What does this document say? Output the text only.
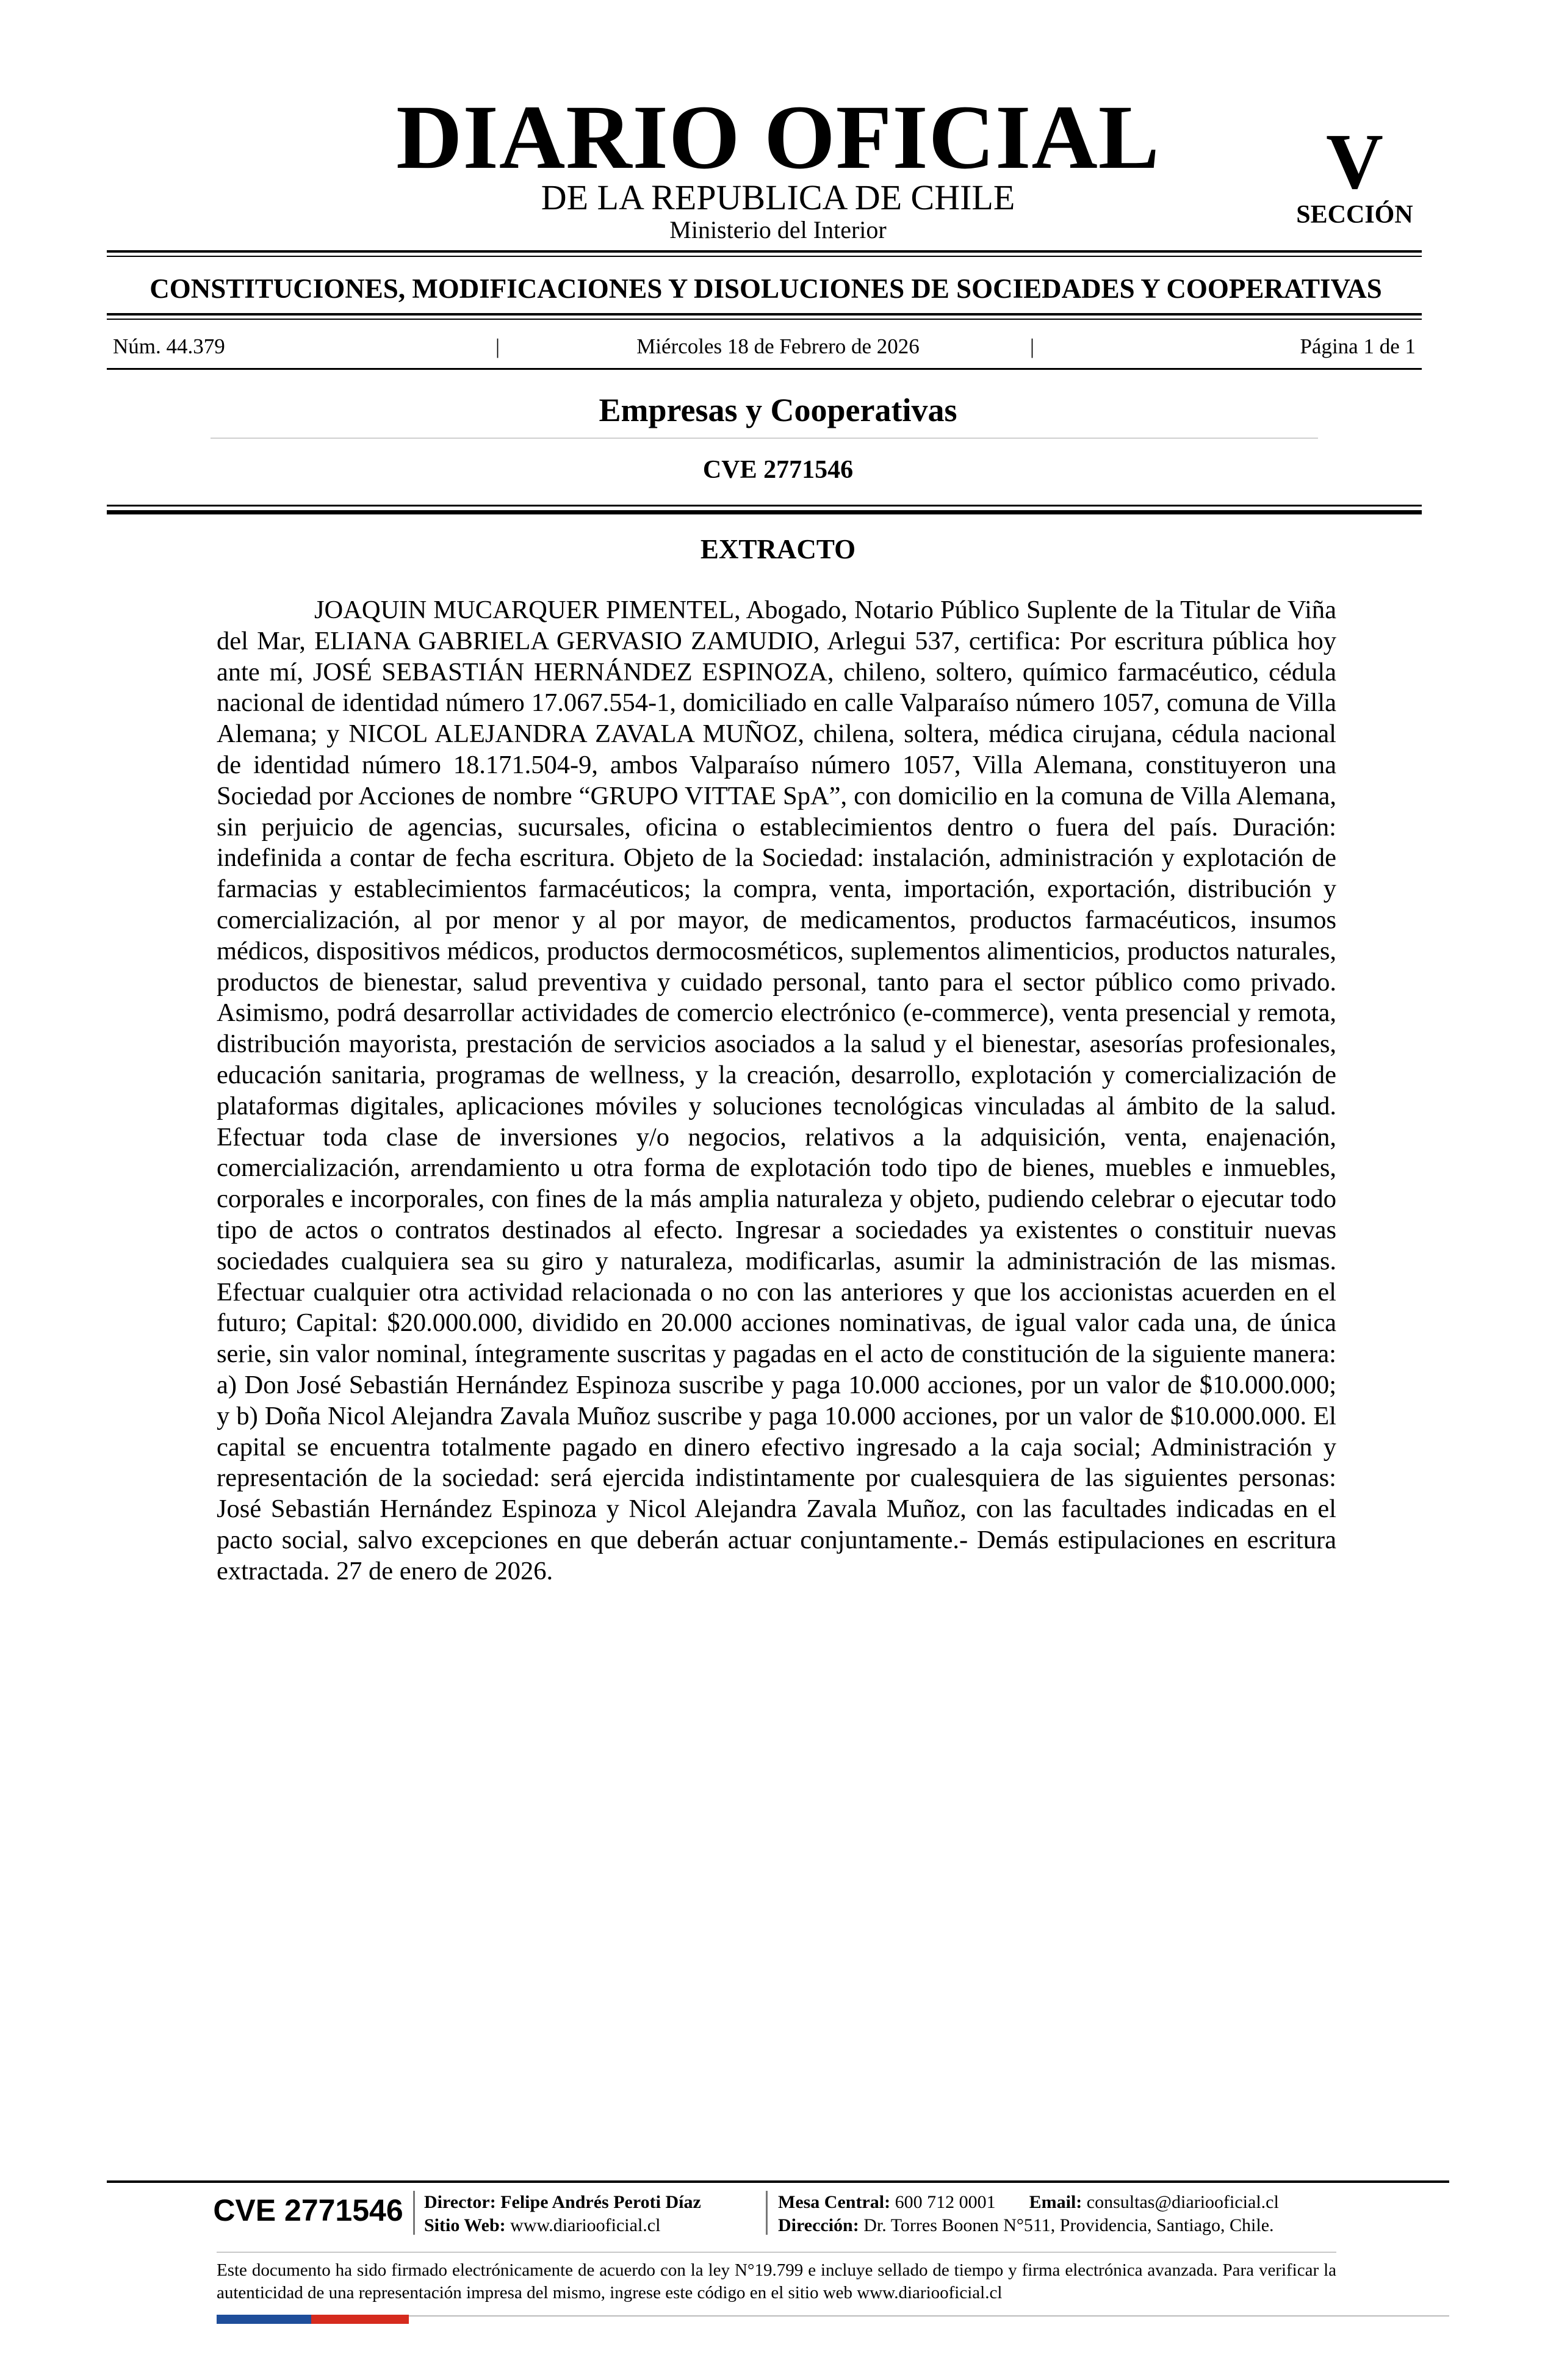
DIARIO OFICIAL
DE LA REPUBLICA DE CHILE
Ministerio del Interior
V
SECCIÓN
CONSTITUCIONES, MODIFICACIONES Y DISOLUCIONES DE SOCIEDADES Y COOPERATIVAS
Núm. 44.379	|	Miércoles 18 de Febrero de 2026	|	Página 1 de 1
Empresas y Cooperativas
CVE 2771546
EXTRACTO
JOAQUIN MUCARQUER PIMENTEL, Abogado, Notario Público Suplente de la Titular de Viña del Mar, ELIANA GABRIELA GERVASIO ZAMUDIO, Arlegui 537, certifica: Por escritura pública hoy ante mí, JOSÉ SEBASTIÁN HERNÁNDEZ ESPINOZA, chileno, soltero, químico farmacéutico, cédula nacional de identidad número 17.067.554-1, domiciliado en calle Valparaíso número 1057, comuna de Villa Alemana; y NICOL ALEJANDRA ZAVALA MUÑOZ, chilena, soltera, médica cirujana, cédula nacional de identidad número 18.171.504-9, ambos Valparaíso número 1057, Villa Alemana, constituyeron una Sociedad por Acciones de nombre “GRUPO VITTAE SpA”, con domicilio en la comuna de Villa Alemana, sin perjuicio de agencias, sucursales, oficina o establecimientos dentro o fuera del país. Duración: indefinida a contar de fecha escritura. Objeto de la Sociedad: instalación, administración y explotación de farmacias y establecimientos farmacéuticos; la compra, venta, importación, exportación, distribución y comercialización, al por menor y al por mayor, de medicamentos, productos farmacéuticos, insumos médicos, dispositivos médicos, productos dermocosméticos, suplementos alimenticios, productos naturales, productos de bienestar, salud preventiva y cuidado personal, tanto para el sector público como privado. Asimismo, podrá desarrollar actividades de comercio electrónico (e-commerce), venta presencial y remota, distribución mayorista, prestación de servicios asociados a la salud y el bienestar, asesorías profesionales, educación sanitaria, programas de wellness, y la creación, desarrollo, explotación y comercialización de plataformas digitales, aplicaciones móviles y soluciones tecnológicas vinculadas al ámbito de la salud. Efectuar toda clase de inversiones y/o negocios, relativos a la adquisición, venta, enajenación, comercialización, arrendamiento u otra forma de explotación todo tipo de bienes, muebles e inmuebles, corporales e incorporales, con fines de la más amplia naturaleza y objeto, pudiendo celebrar o ejecutar todo tipo de actos o contratos destinados al efecto. Ingresar a sociedades ya existentes o constituir nuevas sociedades cualquiera sea su giro y naturaleza, modificarlas, asumir la administración de las mismas. Efectuar cualquier otra actividad relacionada o no con las anteriores y que los accionistas acuerden en el futuro; Capital: $20.000.000, dividido en 20.000 acciones nominativas, de igual valor cada una, de única serie, sin valor nominal, íntegramente suscritas y pagadas en el acto de constitución de la siguiente manera: a) Don José Sebastián Hernández Espinoza suscribe y paga 10.000 acciones, por un valor de $10.000.000; y b) Doña Nicol Alejandra Zavala Muñoz suscribe y paga 10.000 acciones, por un valor de $10.000.000. El capital se encuentra totalmente pagado en dinero efectivo ingresado a la caja social; Administración y representación de la sociedad: será ejercida indistintamente por cualesquiera de las siguientes personas: José Sebastián Hernández Espinoza y Nicol Alejandra Zavala Muñoz, con las facultades indicadas en el pacto social, salvo excepciones en que deberán actuar conjuntamente.- Demás estipulaciones en escritura extractada. 27 de enero de 2026.
CVE 2771546	Director: Felipe Andrés Peroti Díaz
Sitio Web: www.diariooficial.cl
Mesa Central: 600 712 0001 Email: consultas@diariooficial.cl
Dirección: Dr. Torres Boonen N°511, Providencia, Santiago, Chile.
Este documento ha sido firmado electrónicamente de acuerdo con la ley N°19.799 e incluye sellado de tiempo y firma electrónica avanzada. Para verificar la autenticidad de una representación impresa del mismo, ingrese este código en el sitio web www.diariooficial.cl
